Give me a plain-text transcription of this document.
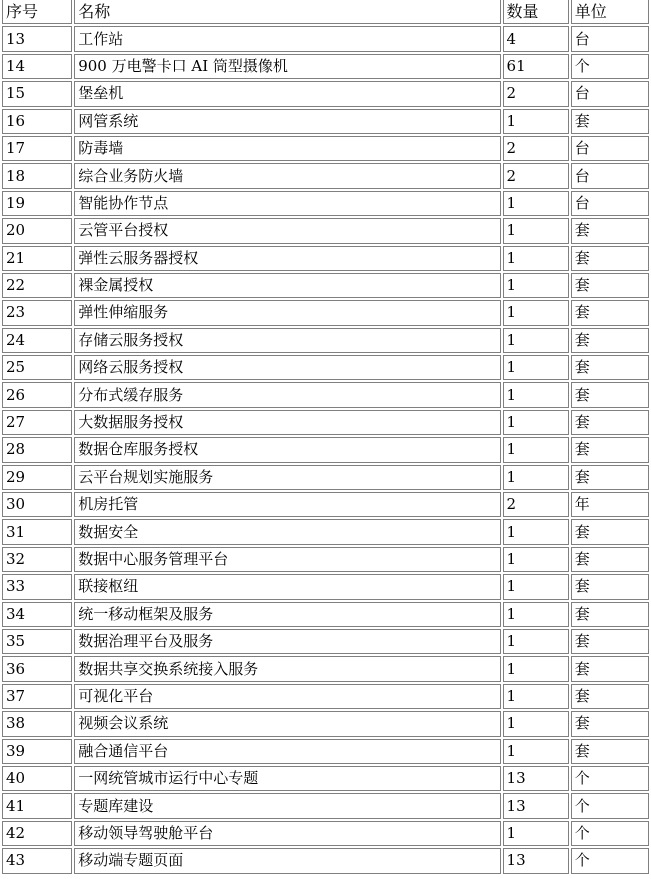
序号	名称	数量	单位
13	工作站	4	台
14	900 万电警卡口 AI 筒型摄像机	61	个
15	堡垒机	2	台
16	网管系统	1	套
17	防毒墙	2	台
18	综合业务防火墙	2	台
19	智能协作节点	1	台
20	云管平台授权	1	套
21	弹性云服务器授权	1	套
22	裸金属授权	1	套
23	弹性伸缩服务	1	套
24	存储云服务授权	1	套
25	网络云服务授权	1	套
26	分布式缓存服务	1	套
27	大数据服务授权	1	套
28	数据仓库服务授权	1	套
29	云平台规划实施服务	1	套
30	机房托管	2	年
31	数据安全	1	套
32	数据中心服务管理平台	1	套
33	联接枢纽	1	套
34	统一移动框架及服务	1	套
35	数据治理平台及服务	1	套
36	数据共享交换系统接入服务	1	套
37	可视化平台	1	套
38	视频会议系统	1	套
39	融合通信平台	1	套
40	一网统管城市运行中心专题	13	个
41	专题库建设	13	个
42	移动领导驾驶舱平台	1	个
43	移动端专题页面	13	个
